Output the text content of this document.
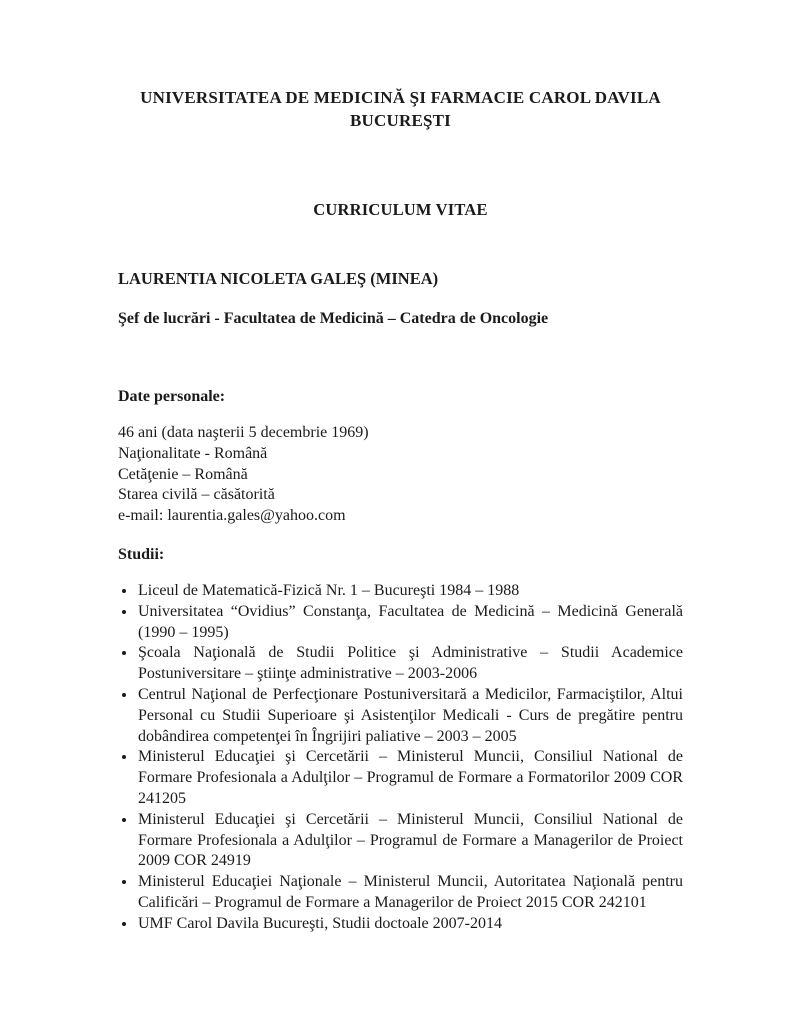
UNIVERSITATEA DE MEDICINĂ ŞI FARMACIE CAROL DAVILA
BUCUREŞTI
CURRICULUM VITAE
LAURENTIA NICOLETA GALEŞ (MINEA)
Şef de lucrări - Facultatea de Medicină – Catedra de Oncologie
Date personale:
46 ani (data naşterii 5 decembrie 1969)
Naţionalitate - Română
Cetăţenie – Română
Starea civilă – căsătorită
e-mail: laurentia.gales@yahoo.com
Studii:
• Liceul de Matematică-Fizică Nr. 1 – Bucureşti 1984 – 1988
• Universitatea “Ovidius” Constanţa, Facultatea de Medicină – Medicină Generală (1990 – 1995)
• Şcoala Naţională de Studii Politice şi Administrative – Studii Academice Postuniversitare – ştiinţe administrative – 2003-2006
• Centrul Naţional de Perfecţionare Postuniversitară a Medicilor, Farmaciştilor, Altui Personal cu Studii Superioare şi Asistenţilor Medicali - Curs de pregătire pentru dobândirea competenţei în Îngrijiri paliative – 2003 – 2005
• Ministerul Educaţiei şi Cercetării – Ministerul Muncii, Consiliul National de Formare Profesionala a Adulţilor – Programul de Formare a Formatorilor 2009 COR 241205
• Ministerul Educaţiei şi Cercetării – Ministerul Muncii, Consiliul National de Formare Profesionala a Adulţilor – Programul de Formare a Managerilor de Proiect 2009 COR 24919
• Ministerul Educaţiei Naţionale – Ministerul Muncii, Autoritatea Naţională pentru Calificări – Programul de Formare a Managerilor de Proiect 2015 COR 242101
• UMF Carol Davila Bucureşti, Studii doctoale 2007-2014
